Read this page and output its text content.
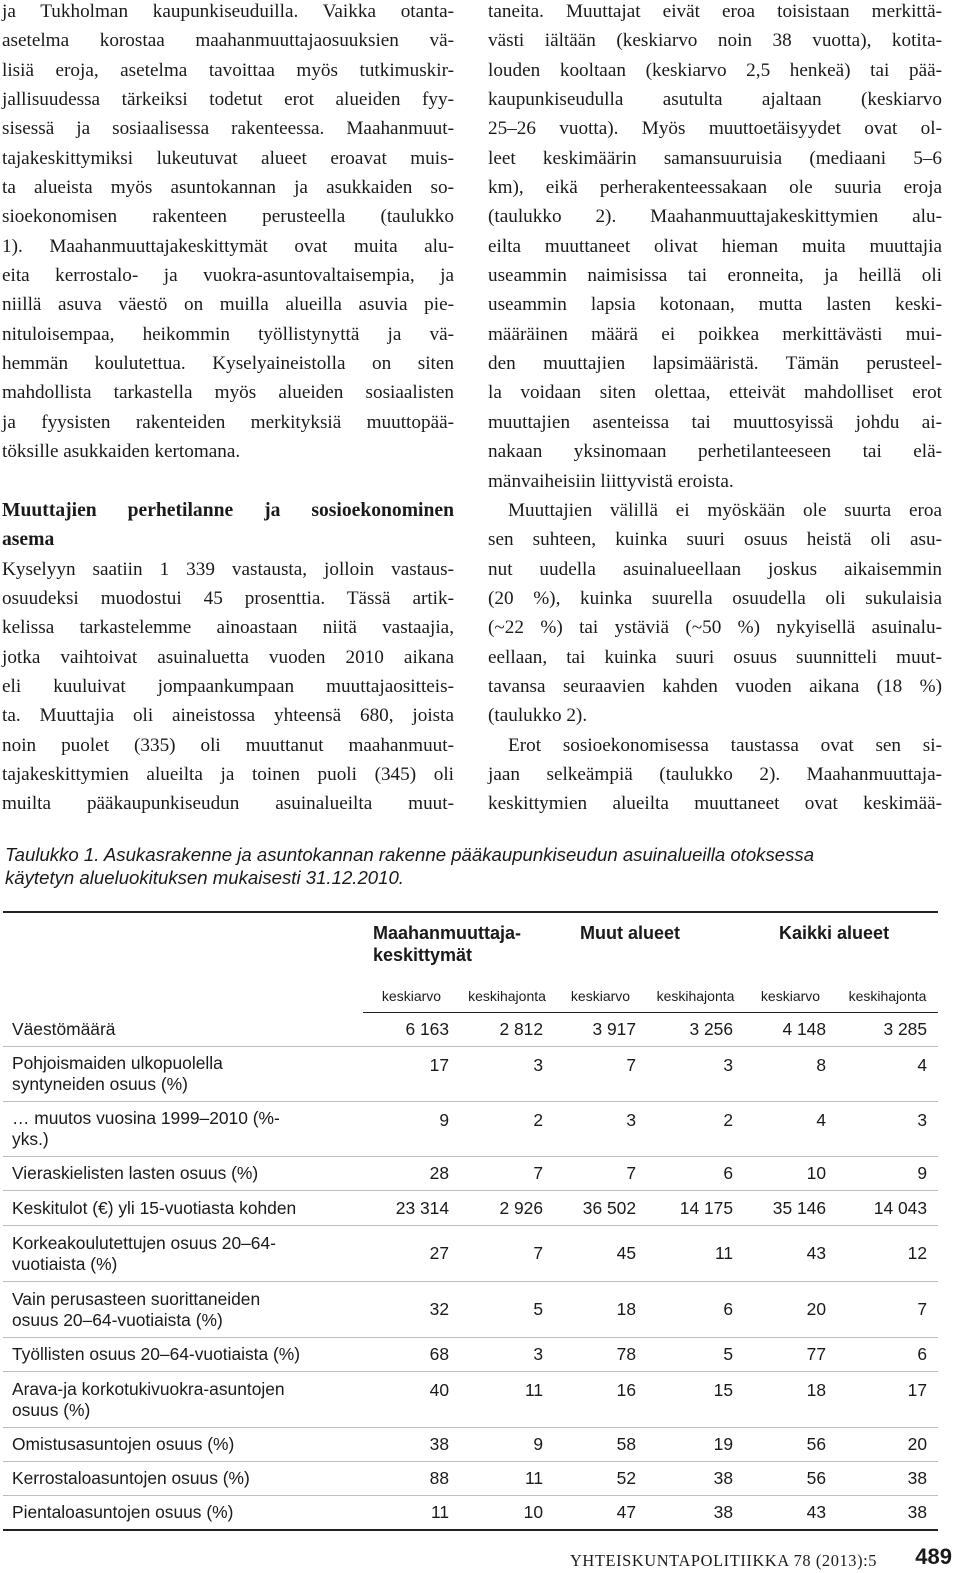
ja Tukholman kaupunkiseuduilla. Vaikka otanta-
asetelma korostaa maahanmuuttajaosuuksien vä-
lisiä eroja, asetelma tavoittaa myös tutkimuskir-
jallisuudessa tärkeiksi todetut erot alueiden fyy-
sisessä ja sosiaalisessa rakenteessa. Maahanmuut-
tajakeskittymiksi lukeutuvat alueet eroavat muis-
ta alueista myös asuntokannan ja asukkaiden so-
sioekonomisen rakenteen perusteella (taulukko
1). Maahanmuuttajakeskittymät ovat muita alu-
eita kerrostalo- ja vuokra-asuntovaltaisempia, ja
niillä asuva väestö on muilla alueilla asuvia pie-
nituloisempaa, heikommin työllistynyttä ja vä-
hemmän koulutettua. Kyselyaineistolla on siten
mahdollista tarkastella myös alueiden sosiaalisten
ja fyysisten rakenteiden merkityksiä muuttopää-
töksille asukkaiden kertomana.
Muuttajien perhetilanne ja sosioekonominen
asema
Kyselyyn saatiin 1 339 vastausta, jolloin vastaus-
osuudeksi muodostui 45 prosenttia. Tässä artik-
kelissa tarkastelemme ainoastaan niitä vastaajia,
jotka vaihtoivat asuinaluetta vuoden 2010 aikana
eli kuuluivat jompaankumpaan muuttajaositteis-
ta. Muuttajia oli aineistossa yhteensä 680, joista
noin puolet (335) oli muuttanut maahanmuut-
tajakeskittymien alueilta ja toinen puoli (345) oli
muilta pääkaupunkiseudun asuinalueilta muut-
taneita. Muuttajat eivät eroa toisistaan merkittä-
västi iältään (keskiarvo noin 38 vuotta), kotita-
louden kooltaan (keskiarvo 2,5 henkeä) tai pää-
kaupunkiseudulla asutulta ajaltaan (keskiarvo
25–26 vuotta). Myös muuttoetäisyydet ovat ol-
leet keskimäärin samansuuruisia (mediaani 5–6
km), eikä perherakenteessakaan ole suuria eroja
(taulukko 2). Maahanmuuttajakeskittymien alu-
eilta muuttaneet olivat hieman muita muuttajia
useammin naimisissa tai eronneita, ja heillä oli
useammin lapsia kotonaan, mutta lasten keski-
määräinen määrä ei poikkea merkittävästi mui-
den muuttajien lapsimääristä. Tämän perusteel-
la voidaan siten olettaa, etteivät mahdolliset erot
muuttajien asenteissa tai muuttosyissä johdu ai-
nakaan yksinomaan perhetilanteeseen tai elä-
mänvaiheisiin liittyvistä eroista.
Muuttajien välillä ei myöskään ole suurta eroa
sen suhteen, kuinka suuri osuus heistä oli asu-
nut uudella asuinalueellaan joskus aikaisemmin
(20 %), kuinka suurella osuudella oli sukulaisia
(~22 %) tai ystäviä (~50 %) nykyisellä asuinalu-
eellaan, tai kuinka suuri osuus suunnitteli muut-
tavansa seuraavien kahden vuoden aikana (18 %)
(taulukko 2).
Erot sosioekonomisessa taustassa ovat sen si-
jaan selkeämpiä (taulukko 2). Maahanmuuttaja-
keskittymien alueilta muuttaneet ovat keskimää-
Taulukko 1. Asukasrakenne ja asuntokannan rakenne pääkaupunkiseudun asuinalueilla otoksessa
käytetyn alueluokituksen mukaisesti 31.12.2010.
	Maahanmuuttaja-keskittymät		Muut alueet		Kaikki alueet	
	keskiarvo	keskihajonta	keskiarvo	keskihajonta	keskiarvo	keskihajonta
Väestömäärä	6 163	2 812	3 917	3 256	4 148	3 285
Pohjoismaiden ulkopuolella syntyneiden osuus (%)	17	3	7	3	8	4
… muutos vuosina 1999–2010 (%-yks.)	9	2	3	2	4	3
Vieraskielisten lasten osuus (%)	28	7	7	6	10	9
Keskitulot (€) yli 15-vuotiasta kohden	23 314	2 926	36 502	14 175	35 146	14 043
Korkeakoulutettujen osuus 20–64-vuotiaista (%)	27	7	45	11	43	12
Vain perusasteen suorittaneiden osuus 20–64-vuotiaista (%)	32	5	18	6	20	7
Työllisten osuus 20–64-vuotiaista (%)	68	3	78	5	77	6
Arava-ja korkotukivuokra-asuntojen osuus (%)	40	11	16	15	18	17
Omistusasuntojen osuus (%)	38	9	58	19	56	20
Kerrostaloasuntojen osuus (%)	88	11	52	38	56	38
Pientaloasuntojen osuus (%)	11	10	47	38	43	38
YHTEISKUNTAPOLITIIKKA 78 (2013):5 489
